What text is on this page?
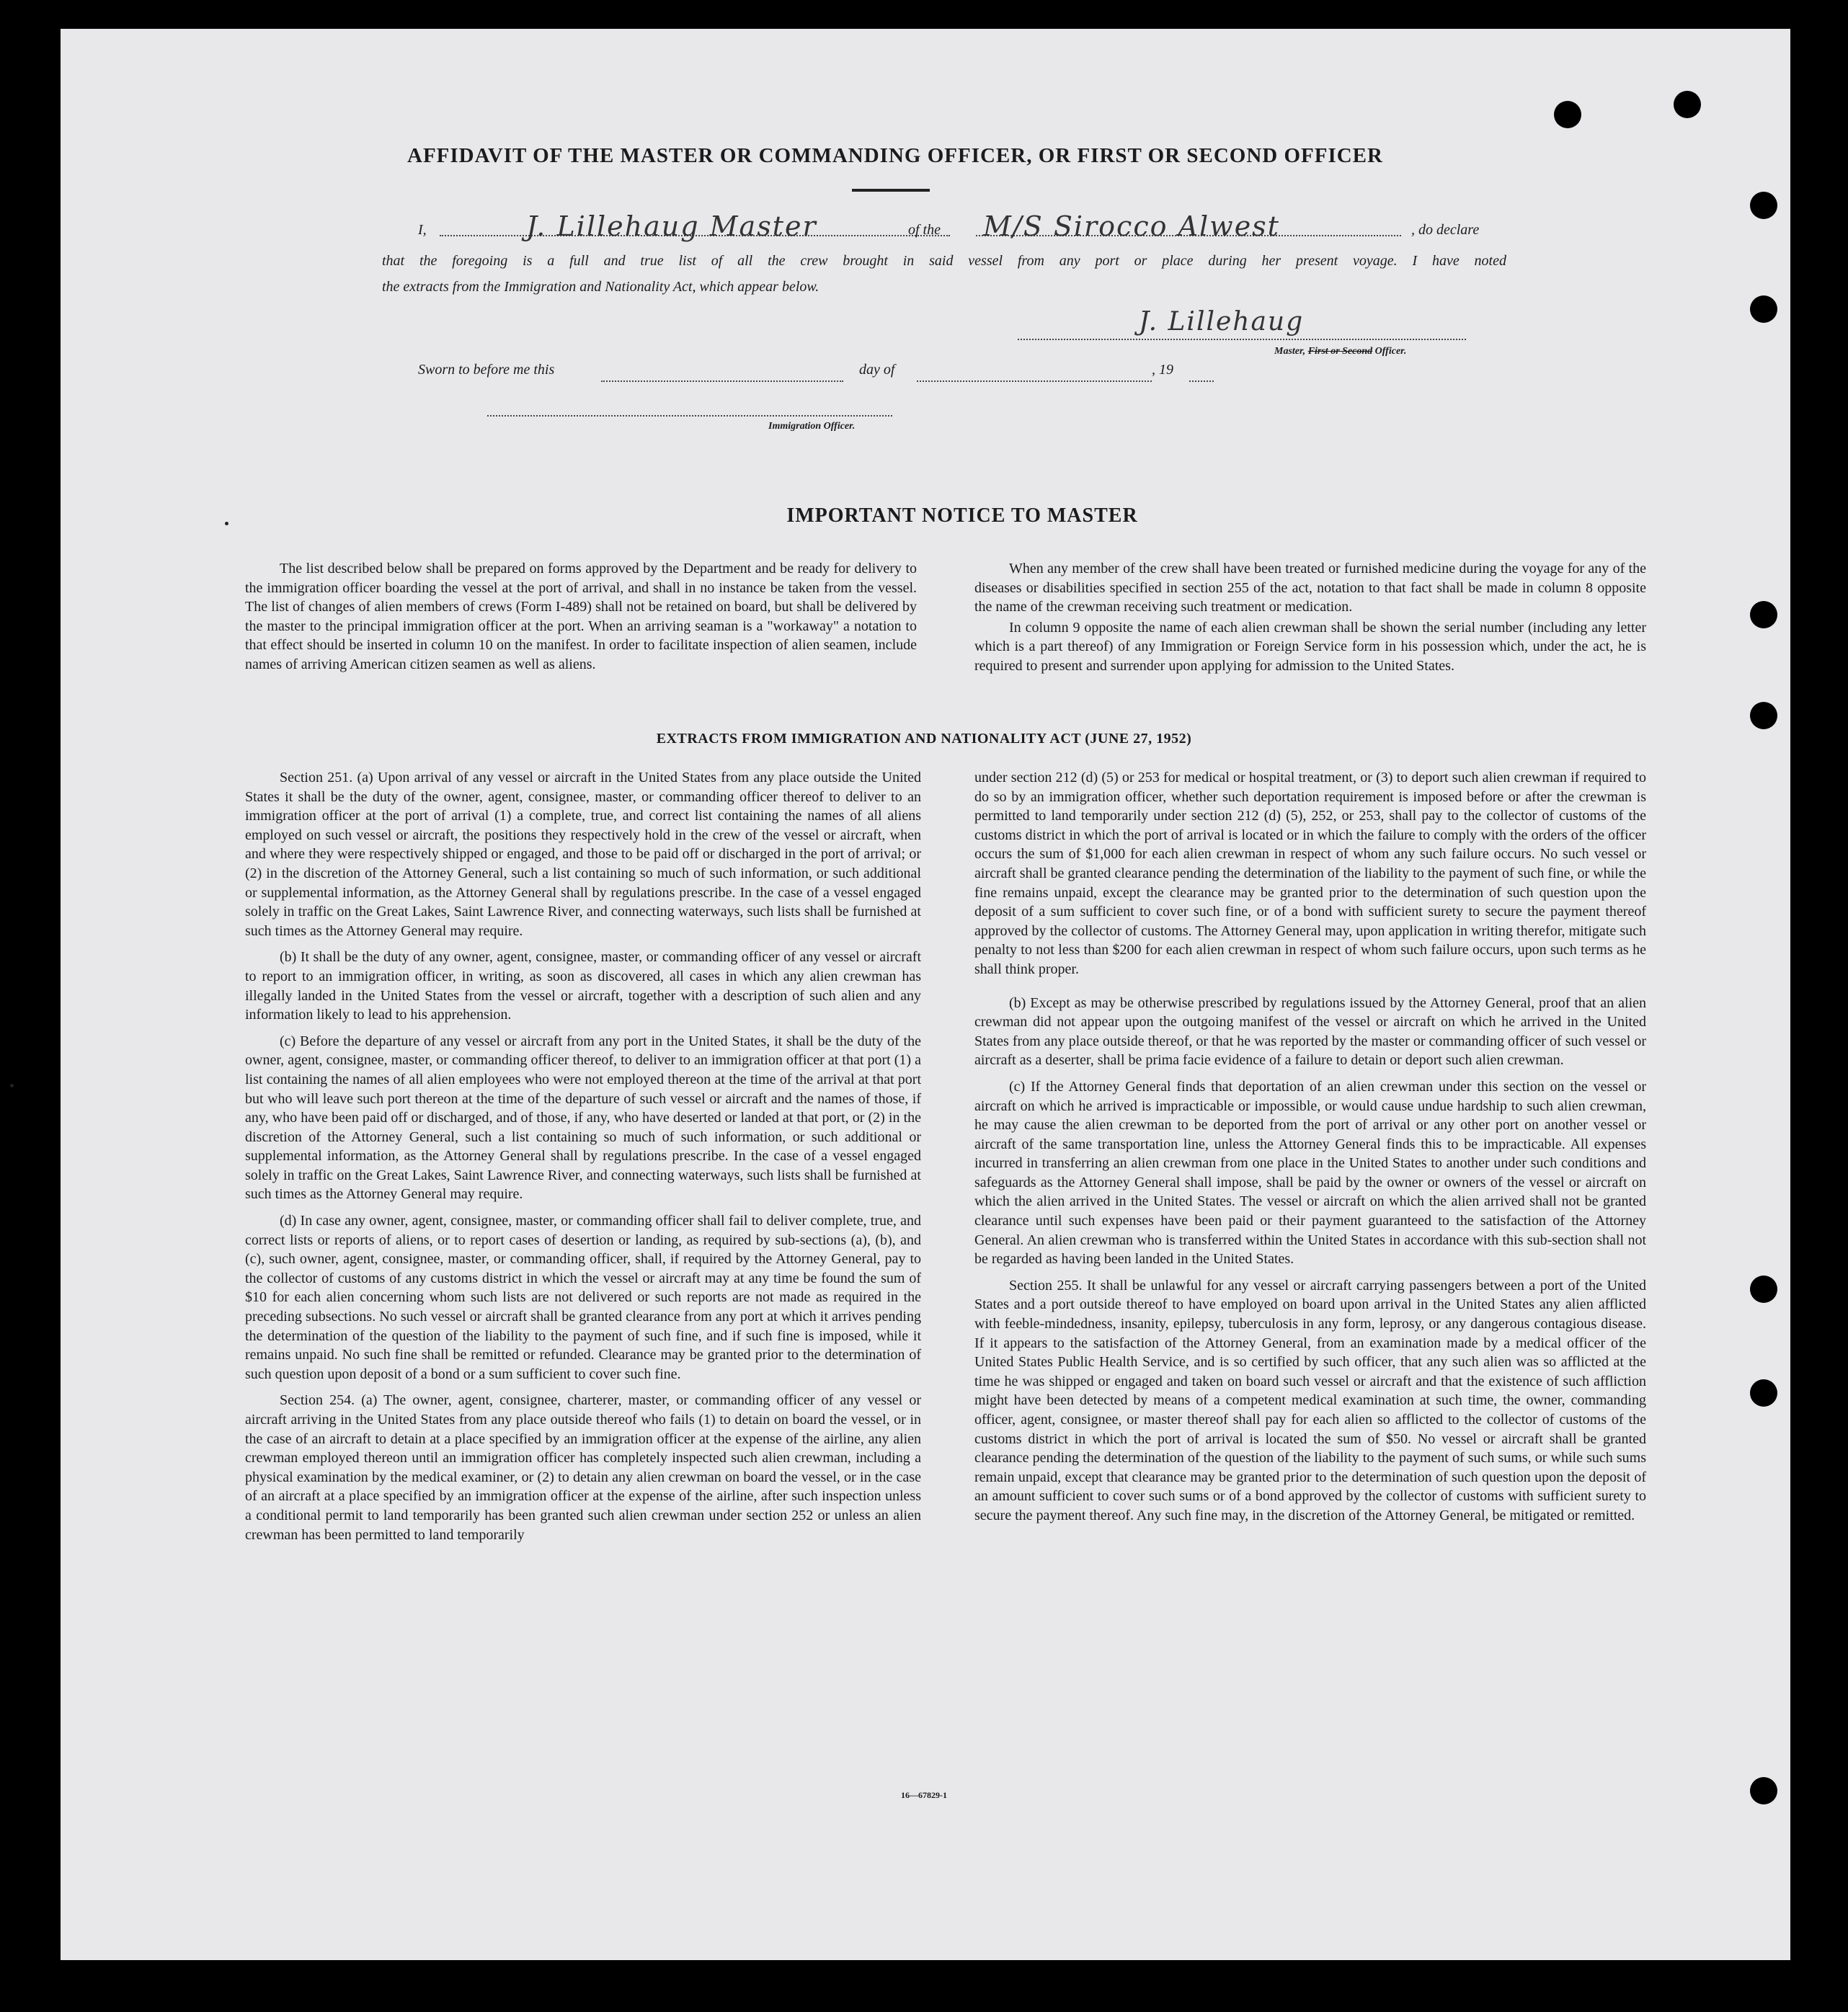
AFFIDAVIT OF THE MASTER OR COMMANDING OFFICER, OR FIRST OR SECOND OFFICER
I,	J. Lillehaug Master	of the M/S Sirocco Alwest	, do declare
that the foregoing is a full and true list of all the crew brought in said vessel from any port or place during her present voyage. I have noted
the extracts from the Immigration and Nationality Act, which appear below.
J. Lillehaug
Master, First or Second Officer.
Sworn to before me this	day of	, 19
Immigration Officer.
IMPORTANT NOTICE TO MASTER

The list described below shall be prepared on forms approved by the Department and be ready for delivery to the immigration officer boarding the vessel at the port of arrival, and shall in no instance be taken from the vessel. The list of changes of alien members of crews (Form I-489) shall not be retained on board, but shall be delivered by the master to the principal immigration officer at the port. When an arriving seaman is a "workaway" a notation to that effect should be inserted in column 10 on the manifest. In order to facilitate inspection of alien seamen, include names of arriving American citizen seamen as well as aliens.

When any member of the crew shall have been treated or furnished medicine during the voyage for any of the diseases or disabilities specified in section 255 of the act, notation to that fact shall be made in column 8 opposite the name of the crewman receiving such treatment or medication.

In column 9 opposite the name of each alien crewman shall be shown the serial number (including any letter which is a part thereof) of any Immigration or Foreign Service form in his possession which, under the act, he is required to present and surrender upon applying for admission to the United States.

EXTRACTS FROM IMMIGRATION AND NATIONALITY ACT (JUNE 27, 1952)

Section 251. (a) Upon arrival of any vessel or aircraft in the United States from any place outside the United States it shall be the duty of the owner, agent, consignee, master, or commanding officer thereof to deliver to an immigration officer at the port of arrival (1) a complete, true, and correct list containing the names of all aliens employed on such vessel or aircraft, the positions they respectively hold in the crew of the vessel or aircraft, when and where they were respectively shipped or engaged, and those to be paid off or discharged in the port of arrival; or (2) in the discretion of the Attorney General, such a list containing so much of such information, or such additional or supplemental information, as the Attorney General shall by regulations prescribe. In the case of a vessel engaged solely in traffic on the Great Lakes, Saint Lawrence River, and connecting waterways, such lists shall be furnished at such times as the Attorney General may require.

(b) It shall be the duty of any owner, agent, consignee, master, or commanding officer of any vessel or aircraft to report to an immigration officer, in writing, as soon as discovered, all cases in which any alien crewman has illegally landed in the United States from the vessel or aircraft, together with a description of such alien and any information likely to lead to his apprehension.

(c) Before the departure of any vessel or aircraft from any port in the United States, it shall be the duty of the owner, agent, consignee, master, or commanding officer thereof, to deliver to an immigration officer at that port (1) a list containing the names of all alien employees who were not employed thereon at the time of the arrival at that port but who will leave such port thereon at the time of the departure of such vessel or aircraft and the names of those, if any, who have been paid off or discharged, and of those, if any, who have deserted or landed at that port, or (2) in the discretion of the Attorney General, such a list containing so much of such information, or such additional or supplemental information, as the Attorney General shall by regulations prescribe. In the case of a vessel engaged solely in traffic on the Great Lakes, Saint Lawrence River, and connecting waterways, such lists shall be furnished at such times as the Attorney General may require.

(d) In case any owner, agent, consignee, master, or commanding officer shall fail to deliver complete, true, and correct lists or reports of aliens, or to report cases of desertion or landing, as required by sub-sections (a), (b), and (c), such owner, agent, consignee, master, or commanding officer, shall, if required by the Attorney General, pay to the collector of customs of any customs district in which the vessel or aircraft may at any time be found the sum of $10 for each alien concerning whom such lists are not delivered or such reports are not made as required in the preceding subsections. No such vessel or aircraft shall be granted clearance from any port at which it arrives pending the determination of the question of the liability to the payment of such fine, and if such fine is imposed, while it remains unpaid. No such fine shall be remitted or refunded. Clearance may be granted prior to the determination of such question upon deposit of a bond or a sum sufficient to cover such fine.

Section 254. (a) The owner, agent, consignee, charterer, master, or commanding officer of any vessel or aircraft arriving in the United States from any place outside thereof who fails (1) to detain on board the vessel, or in the case of an aircraft to detain at a place specified by an immigration officer at the expense of the airline, any alien crewman employed thereon until an immigration officer has completely inspected such alien crewman, including a physical examination by the medical examiner, or (2) to detain any alien crewman on board the vessel, or in the case of an aircraft at a place specified by an immigration officer at the expense of the airline, after such inspection unless a conditional permit to land temporarily has been granted such alien crewman under section 252 or unless an alien crewman has been permitted to land temporarily

under section 212 (d) (5) or 253 for medical or hospital treatment, or (3) to deport such alien crewman if required to do so by an immigration officer, whether such deportation requirement is imposed before or after the crewman is permitted to land temporarily under section 212 (d) (5), 252, or 253, shall pay to the collector of customs of the customs district in which the port of arrival is located or in which the failure to comply with the orders of the officer occurs the sum of $1,000 for each alien crewman in respect of whom any such failure occurs. No such vessel or aircraft shall be granted clearance pending the determination of the liability to the payment of such fine, or while the fine remains unpaid, except the clearance may be granted prior to the determination of such question upon the deposit of a sum sufficient to cover such fine, or of a bond with sufficient surety to secure the payment thereof approved by the collector of customs. The Attorney General may, upon application in writing therefor, mitigate such penalty to not less than $200 for each alien crewman in respect of whom such failure occurs, upon such terms as he shall think proper.

(b) Except as may be otherwise prescribed by regulations issued by the Attorney General, proof that an alien crewman did not appear upon the outgoing manifest of the vessel or aircraft on which he arrived in the United States from any place outside thereof, or that he was reported by the master or commanding officer of such vessel or aircraft as a deserter, shall be prima facie evidence of a failure to detain or deport such alien crewman.

(c) If the Attorney General finds that deportation of an alien crewman under this section on the vessel or aircraft on which he arrived is impracticable or impossible, or would cause undue hardship to such alien crewman, he may cause the alien crewman to be deported from the port of arrival or any other port on another vessel or aircraft of the same transportation line, unless the Attorney General finds this to be impracticable. All expenses incurred in transferring an alien crewman from one place in the United States to another under such conditions and safeguards as the Attorney General shall impose, shall be paid by the owner or owners of the vessel or aircraft on which the alien arrived in the United States. The vessel or aircraft on which the alien arrived shall not be granted clearance until such expenses have been paid or their payment guaranteed to the satisfaction of the Attorney General. An alien crewman who is transferred within the United States in accordance with this sub-section shall not be regarded as having been landed in the United States.

Section 255. It shall be unlawful for any vessel or aircraft carrying passengers between a port of the United States and a port outside thereof to have employed on board upon arrival in the United States any alien afflicted with feeble-mindedness, insanity, epilepsy, tuberculosis in any form, leprosy, or any dangerous contagious disease. If it appears to the satisfaction of the Attorney General, from an examination made by a medical officer of the United States Public Health Service, and is so certified by such officer, that any such alien was so afflicted at the time he was shipped or engaged and taken on board such vessel or aircraft and that the existence of such affliction might have been detected by means of a competent medical examination at such time, the owner, commanding officer, agent, consignee, or master thereof shall pay for each alien so afflicted to the collector of customs of the customs district in which the port of arrival is located the sum of $50. No vessel or aircraft shall be granted clearance pending the determination of the question of the liability to the payment of such sums, or while such sums remain unpaid, except that clearance may be granted prior to the determination of such question upon the deposit of an amount sufficient to cover such sums or of a bond approved by the collector of customs with sufficient surety to secure the payment thereof. Any such fine may, in the discretion of the Attorney General, be mitigated or remitted.

16—67829-1
